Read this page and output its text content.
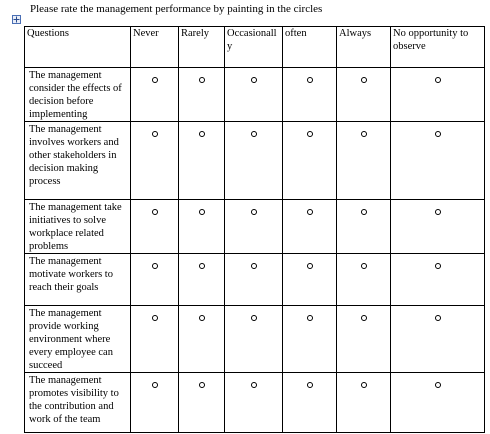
Please rate the management performance by painting in the circles
Questions	Never	Rarely	Occasionally	often	Always	No opportunity to observe
The management consider the effects of decision before implementing						
The management involves workers and other stakeholders in decision making process						
The management take initiatives to solve workplace related problems						
The management motivate workers to reach their goals						
The management provide working environment where every employee can succeed						
The management promotes visibility to the contribution and work of the team						
